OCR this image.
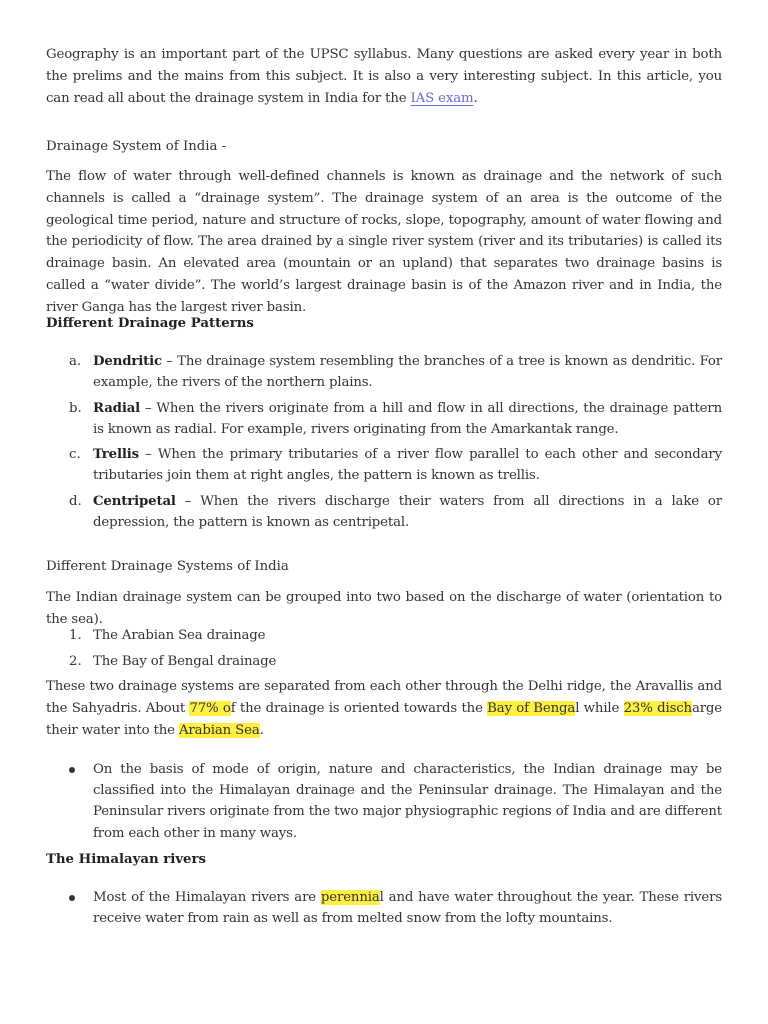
Geography is an important part of the UPSC syllabus. Many questions are asked every year in both the prelims and the mains from this subject. It is also a very interesting subject. In this article, you can read all about the drainage system in India for the IAS exam.

Drainage System of India -

The flow of water through well-defined channels is known as drainage and the network of such channels is called a “drainage system”. The drainage system of an area is the outcome of the geological time period, nature and structure of rocks, slope, topography, amount of water flowing and the periodicity of flow. The area drained by a single river system (river and its tributaries) is called its drainage basin. An elevated area (mountain or an upland) that separates two drainage basins is called a “water divide”. The world’s largest drainage basin is of the Amazon river and in India, the river Ganga has the largest river basin.

Different Drainage Patterns

a. Dendritic – The drainage system resembling the branches of a tree is known as dendritic. For example, the rivers of the northern plains.

b. Radial – When the rivers originate from a hill and flow in all directions, the drainage pattern is known as radial. For example, rivers originating from the Amarkantak range.

c. Trellis – When the primary tributaries of a river flow parallel to each other and secondary tributaries join them at right angles, the pattern is known as trellis.

d. Centripetal – When the rivers discharge their waters from all directions in a lake or depression, the pattern is known as centripetal.

Different Drainage Systems of India

The Indian drainage system can be grouped into two based on the discharge of water (orientation to the sea).

1. The Arabian Sea drainage

2. The Bay of Bengal drainage

These two drainage systems are separated from each other through the Delhi ridge, the Aravallis and the Sahyadris. About 77% of the drainage is oriented towards the Bay of Bengal while 23% discharge their water into the Arabian Sea.

On the basis of mode of origin, nature and characteristics, the Indian drainage may be classified into the Himalayan drainage and the Peninsular drainage. The Himalayan and the Peninsular rivers originate from the two major physiographic regions of India and are different from each other in many ways.

The Himalayan rivers

Most of the Himalayan rivers are perennial and have water throughout the year. These rivers receive water from rain as well as from melted snow from the lofty mountains.
